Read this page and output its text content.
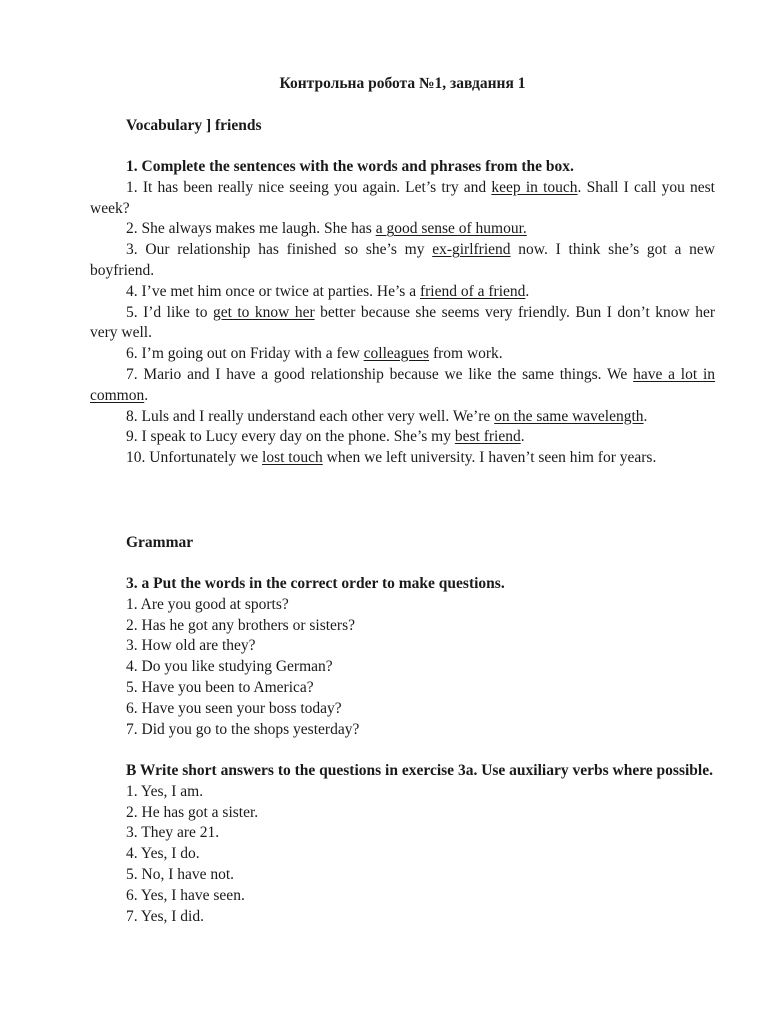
Контрольна робота №1, завдання 1
Vocabulary ] friends

1. Complete the sentences with the words and phrases from the box.

1. It has been really nice seeing you again. Let’s try and keep in touch. Shall I call you nest week?

2. She always makes me laugh. She has a good sense of humour.

3. Our relationship has finished so she’s my ex-girlfriend now. I think she’s got a new boyfriend.

4. I’ve met him once or twice at parties. He’s a friend of a friend.

5. I’d like to get to know her better because she seems very friendly. Bun I don’t know her very well.

6. I’m going out on Friday with a few colleagues from work.

7. Mario and I have a good relationship because we like the same things. We have a lot in common.

8. Luls and I really understand each other very well. We’re on the same wavelength.

9. I speak to Lucy every day on the phone. She’s my best friend.

10. Unfortunately we lost touch when we left university. I haven’t seen him for years.

Grammar

3. a Put the words in the correct order to make questions.

1. Are you good at sports?

2. Has he got any brothers or sisters?

3. How old are they?

4. Do you like studying German?

5. Have you been to America?

6. Have you seen your boss today?

7. Did you go to the shops yesterday?

B Write short answers to the questions in exercise 3a. Use auxiliary verbs where possible.

1. Yes, I am.

2. He has got a sister.

3. They are 21.

4. Yes, I do.

5. No, I have not.

6. Yes, I have seen.

7. Yes, I did.
